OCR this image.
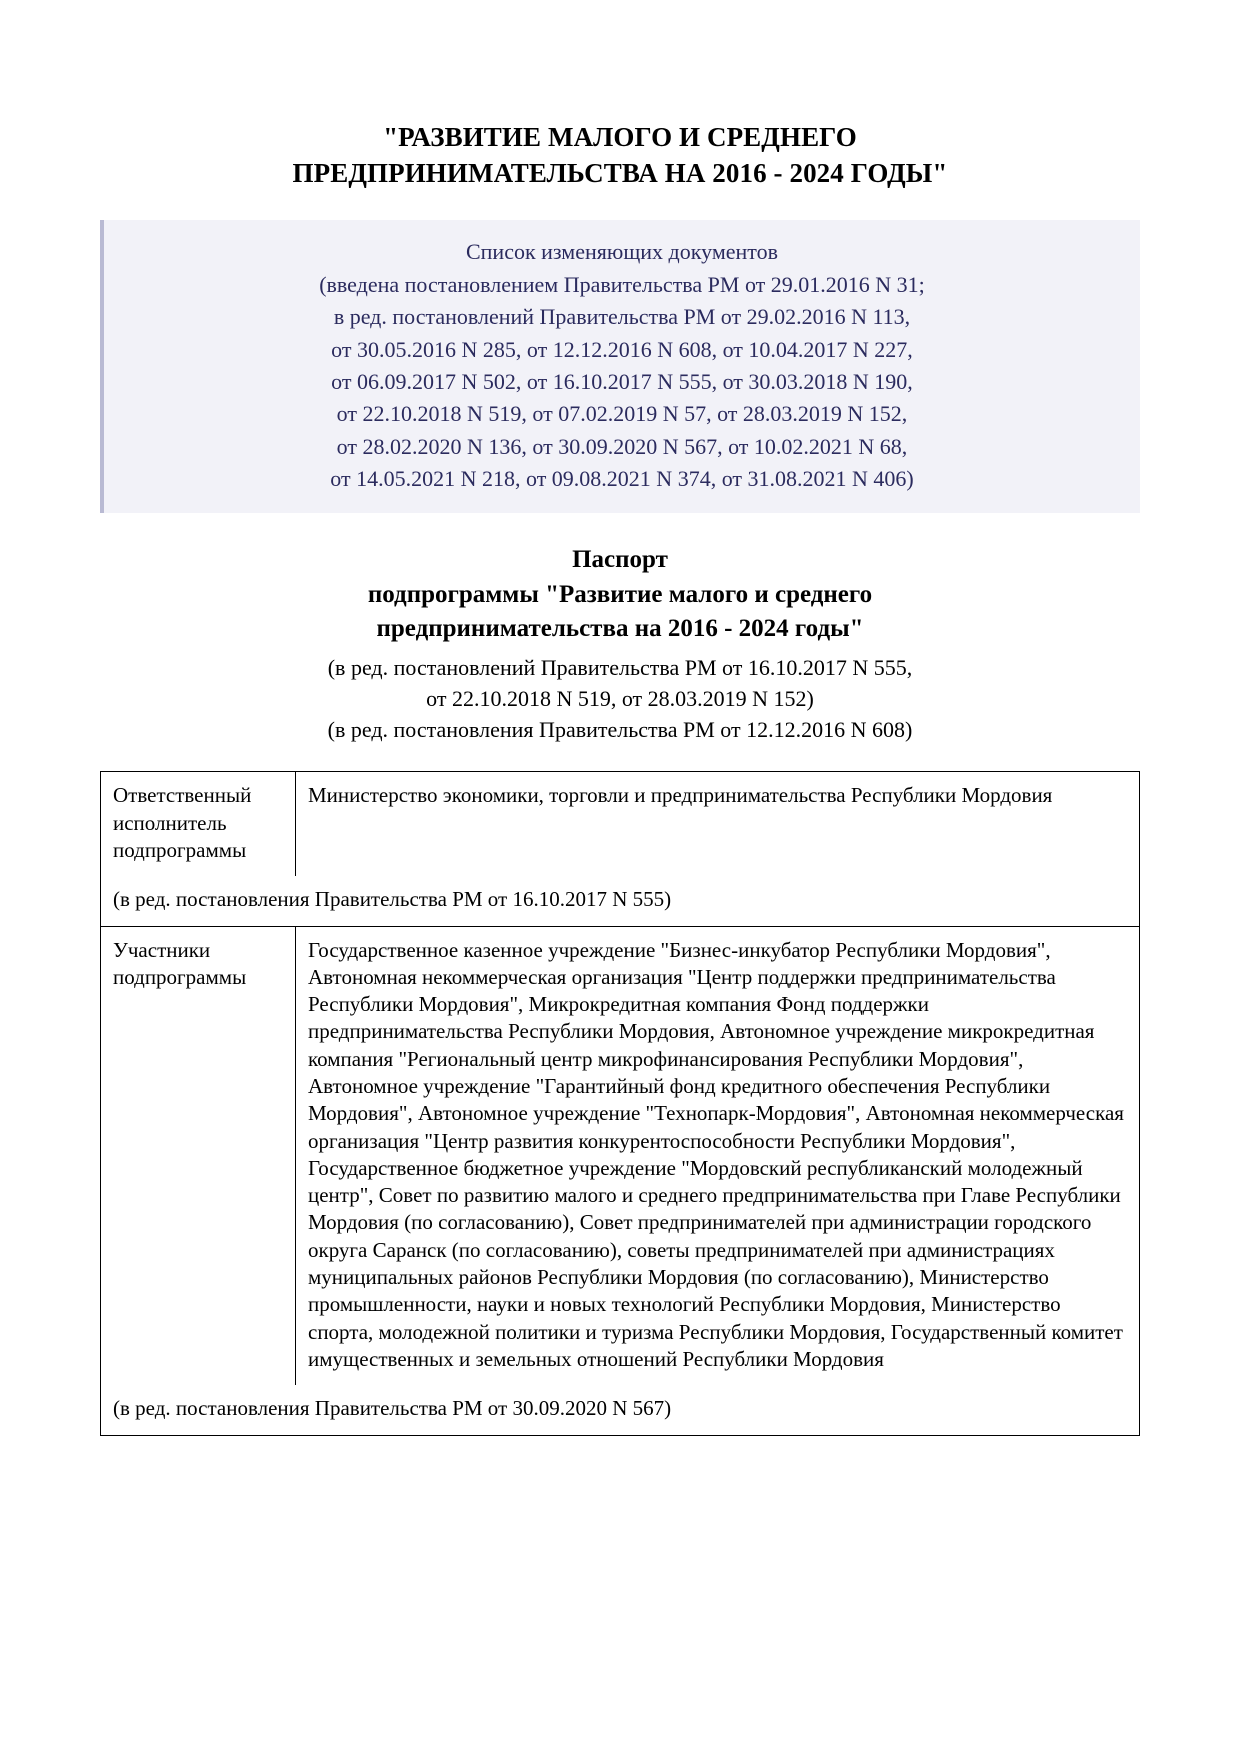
"РАЗВИТИЕ МАЛОГО И СРЕДНЕГО
ПРЕДПРИНИМАТЕЛЬСТВА НА 2016 - 2024 ГОДЫ"
Список изменяющих документов
(введена постановлением Правительства РМ от 29.01.2016 N 31;
в ред. постановлений Правительства РМ от 29.02.2016 N 113,
от 30.05.2016 N 285, от 12.12.2016 N 608, от 10.04.2017 N 227,
от 06.09.2017 N 502, от 16.10.2017 N 555, от 30.03.2018 N 190,
от 22.10.2018 N 519, от 07.02.2019 N 57, от 28.03.2019 N 152,
от 28.02.2020 N 136, от 30.09.2020 N 567, от 10.02.2021 N 68,
от 14.05.2021 N 218, от 09.08.2021 N 374, от 31.08.2021 N 406)
Паспорт
подпрограммы "Развитие малого и среднего
предпринимательства на 2016 - 2024 годы"
(в ред. постановлений Правительства РМ от 16.10.2017 N 555,
от 22.10.2018 N 519, от 28.03.2019 N 152)
(в ред. постановления Правительства РМ от 12.12.2016 N 608)
Ответственный
исполнитель
подпрограммы	Министерство экономики, торговли и предпринимательства Республики Мордовия
(в ред. постановления Правительства РМ от 16.10.2017 N 555)	

Участники
подпрограммы	Государственное казенное учреждение "Бизнес-инкубатор Республики Мордовия", Автономная некоммерческая организация "Центр поддержки предпринимательства Республики Мордовия", Микрокредитная компания Фонд поддержки предпринимательства Республики Мордовия, Автономное учреждение микрокредитная компания "Региональный центр микрофинансирования Республики Мордовия", Автономное учреждение "Гарантийный фонд кредитного обеспечения Республики Мордовия", Автономное учреждение "Технопарк-Мордовия", Автономная некоммерческая организация "Центр развития конкурентоспособности Республики Мордовия", Государственное бюджетное учреждение "Мордовский республиканский молодежный центр", Совет по развитию малого и среднего предпринимательства при Главе Республики Мордовия (по согласованию), Совет предпринимателей при администрации городского округа Саранск (по согласованию), советы предпринимателей при администрациях муниципальных районов Республики Мордовия (по согласованию), Министерство промышленности, науки и новых технологий Республики Мордовия, Министерство спорта, молодежной политики и туризма Республики Мордовия, Государственный комитет имущественных и земельных отношений Республики Мордовия
(в ред. постановления Правительства РМ от 30.09.2020 N 567)	
